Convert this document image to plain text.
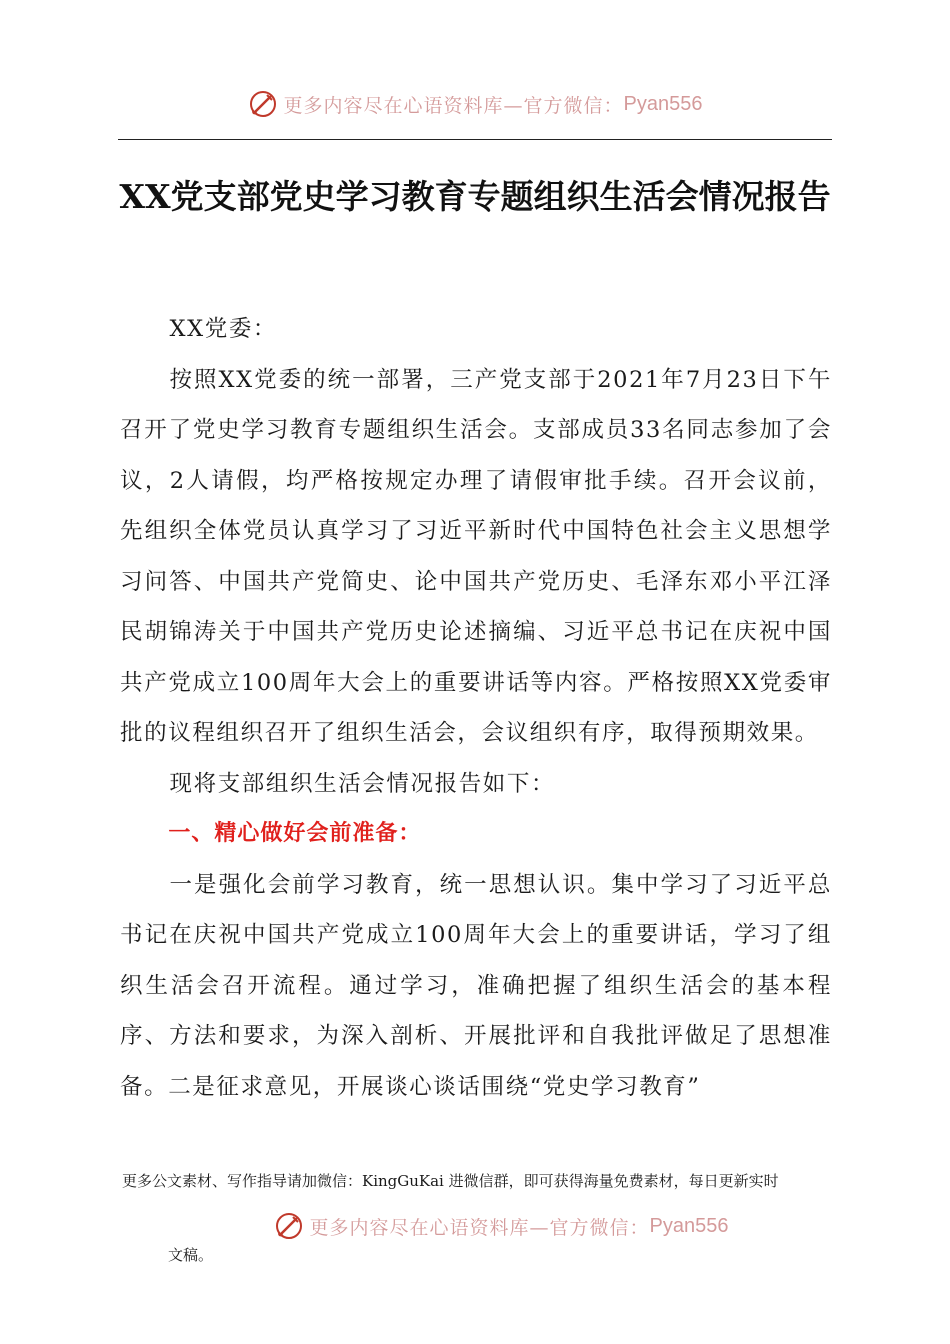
更多内容尽在心语资料库—官方微信： Pyan556
XX党支部党史学习教育专题组织生活会情况报告

XX党委：

按照XX党委的统一部署，三产党支部于2021年7月23日下午召开了党史学习教育专题组织生活会。支部成员33名同志参加了会议，2人请假，均严格按规定办理了请假审批手续。召开会议前，先组织全体党员认真学习了习近平新时代中国特色社会主义思想学习问答、中国共产党简史、论中国共产党历史、毛泽东邓小平江泽民胡锦涛关于中国共产党历史论述摘编、习近平总书记在庆祝中国共产党成立100周年大会上的重要讲话等内容。严格按照XX党委审批的议程组织召开了组织生活会，会议组织有序，取得预期效果。

现将支部组织生活会情况报告如下：

一、精心做好会前准备：

一是强化会前学习教育，统一思想认识。集中学习了习近平总书记在庆祝中国共产党成立100周年大会上的重要讲话，学习了组织生活会召开流程。通过学习，准确把握了组织生活会的基本程序、方法和要求，为深入剖析、开展批评和自我批评做足了思想准备。二是征求意见，开展谈心谈话围绕“党史学习教育”

更多公文素材、写作指导请加微信：KingGuKai 进微信群，即可获得海量免费素材，每日更新实时
更多内容尽在心语资料库—官方微信： Pyan556
文稿。
